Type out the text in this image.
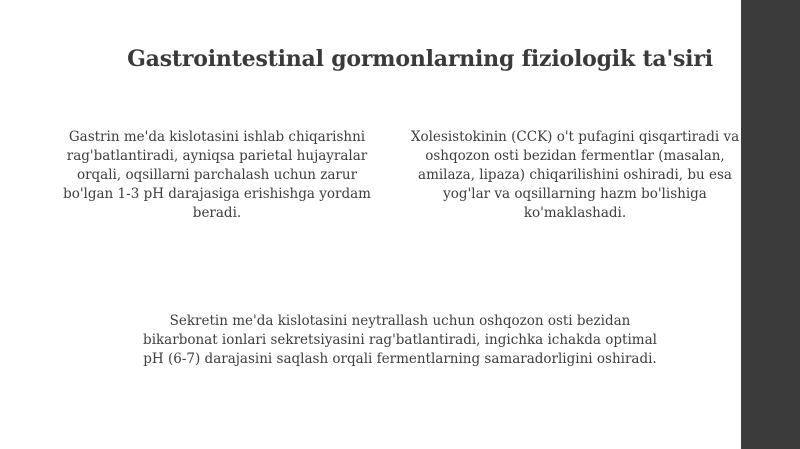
Gastrointestinal gormonlarning fiziologik ta'siri

Gastrin me'da kislotasini ishlab chiqarishni rag'batlantiradi, ayniqsa parietal hujayralar orqali, oqsillarni parchalash uchun zarur bo'lgan 1-3 pH darajasiga erishishga yordam beradi.

Xolesistokinin (CCK) o't pufagini qisqartiradi va oshqozon osti bezidan fermentlar (masalan, amilaza, lipaza) chiqarilishini oshiradi, bu esa yog'lar va oqsillarning hazm bo'lishiga ko'maklashadi.

Sekretin me'da kislotasini neytrallash uchun oshqozon osti bezidan bikarbonat ionlari sekretsiyasini rag'batlantiradi, ingichka ichakda optimal pH (6-7) darajasini saqlash orqali fermentlarning samaradorligini oshiradi.
